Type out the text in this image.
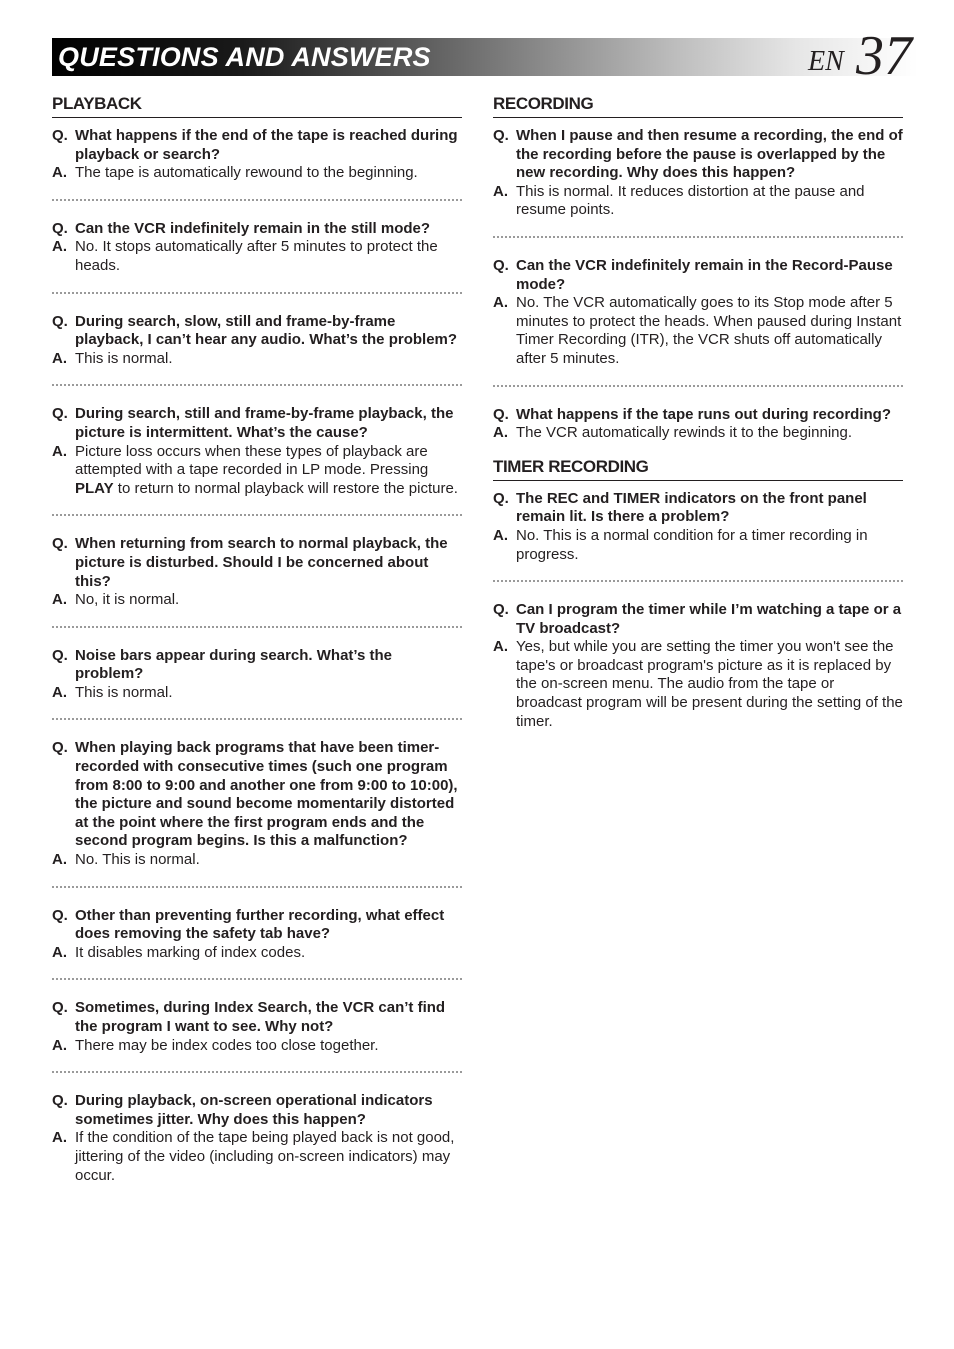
QUESTIONS AND ANSWERS	EN 37
PLAYBACK
Q. What happens if the end of the tape is reached during playback or search?
A. The tape is automatically rewound to the beginning.
Q. Can the VCR indefinitely remain in the still mode?
A. No. It stops automatically after 5 minutes to protect the heads.
Q. During search, slow, still and frame-by-frame playback, I can’t hear any audio. What’s the problem?
A. This is normal.
Q. During search, still and frame-by-frame playback, the picture is intermittent. What’s the cause?
A. Picture loss occurs when these types of playback are attempted with a tape recorded in LP mode. Pressing PLAY to return to normal playback will restore the picture.
Q. When returning from search to normal playback, the picture is disturbed. Should I be concerned about this?
A. No, it is normal.
Q. Noise bars appear during search. What’s the problem?
A. This is normal.
Q. When playing back programs that have been timer-recorded with consecutive times (such one program from 8:00 to 9:00 and another one from 9:00 to 10:00), the picture and sound become momentarily distorted at the point where the first program ends and the second program begins. Is this a malfunction?
A. No. This is normal.
Q. Other than preventing further recording, what effect does removing the safety tab have?
A. It disables marking of index codes.
Q. Sometimes, during Index Search, the VCR can’t find the program I want to see. Why not?
A. There may be index codes too close together.
Q. During playback, on-screen operational indicators sometimes jitter. Why does this happen?
A. If the condition of the tape being played back is not good, jittering of the video (including on-screen indicators) may occur.
RECORDING
Q. When I pause and then resume a recording, the end of the recording before the pause is overlapped by the new recording. Why does this happen?
A. This is normal. It reduces distortion at the pause and resume points.
Q. Can the VCR indefinitely remain in the Record-Pause mode?
A. No. The VCR automatically goes to its Stop mode after 5 minutes to protect the heads. When paused during Instant Timer Recording (ITR), the VCR shuts off automatically after 5 minutes.
Q. What happens if the tape runs out during recording?
A. The VCR automatically rewinds it to the beginning.
TIMER RECORDING
Q. The REC and TIMER indicators on the front panel remain lit. Is there a problem?
A. No. This is a normal condition for a timer recording in progress.
Q. Can I program the timer while I’m watching a tape or a TV broadcast?
A. Yes, but while you are setting the timer you won't see the tape's or broadcast program's picture as it is replaced by the on-screen menu. The audio from the tape or broadcast program will be present during the setting of the timer.
